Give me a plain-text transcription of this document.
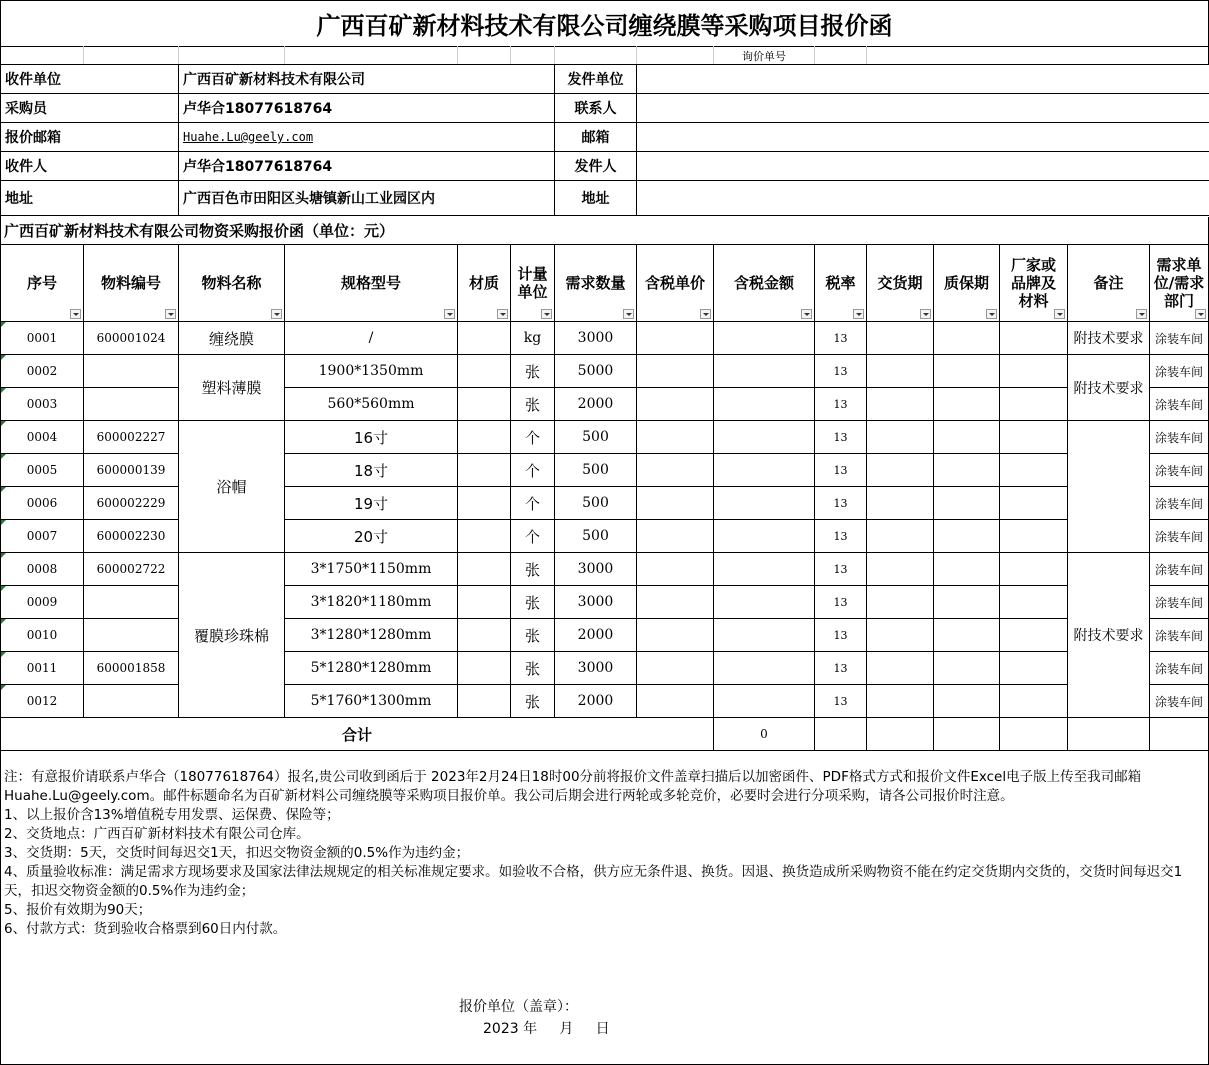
广西百矿新材料技术有限公司缠绕膜等采购项目报价函
询价单号
收件单位	广西百矿新材料技术有限公司	发件单位
采购员	卢华合18077618764	联系人
报价邮箱	Huahe.Lu@geely.com	邮箱
收件人	卢华合18077618764	发件人
地址	广西百色市田阳区头塘镇新山工业园区内	地址
广西百矿新材料技术有限公司物资采购报价函（单位：元）
序号	物料编号	物料名称	规格型号	材质	计量单位	需求数量	含税单价	含税金额	税率	交货期	质保期	厂家或品牌及材料	备注	需求单位/需求部门

0001	600001024	缠绕膜	/		kg	3000			13				附技术要求	涂装车间

0002		塑料薄膜	1900*1350mm		张	5000			13				附技术要求	涂装车间

0003			560*560mm		张	2000			13					涂装车间

0004	600002227	浴帽	16寸		个	500			13					涂装车间

0005	600000139		18寸		个	500			13					涂装车间

0006	600002229		19寸		个	500			13					涂装车间

0007	600002230		20寸		个	500			13					涂装车间

0008	600002722	覆膜珍珠棉	3*1750*1150mm		张	3000			13				附技术要求	涂装车间

0009			3*1820*1180mm		张	3000			13					涂装车间

0010			3*1280*1280mm		张	2000			13					涂装车间

0011	600001858		5*1280*1280mm		张	3000			13					涂装车间

0012			5*1760*1300mm		张	2000			13					涂装车间
合计								0						

注：有意报价请联系卢华合（18077618764）报名,贵公司收到函后于 2023年2月24日18时00分前将报价文件盖章扫描后以加密函件、PDF格式方式和报价文件Excel电子版上传至我司邮箱Huahe.Lu@geely.com。邮件标题命名为百矿新材料公司缠绕膜等采购项目报价单。我公司后期会进行两轮或多轮竞价，必要时会进行分项采购，请各公司报价时注意。

1、以上报价含13%增值税专用发票、运保费、保险等；

2、交货地点：广西百矿新材料技术有限公司仓库。

3、交货期：5天，交货时间每迟交1天，扣迟交物资金额的0.5%作为违约金；

4、质量验收标准：满足需求方现场要求及国家法律法规规定的相关标准规定要求。如验收不合格，供方应无条件退、换货。因退、换货造成所采购物资不能在约定交货期内交货的，交货时间每迟交1天，扣迟交物资金额的0.5%作为违约金；

5、报价有效期为90天；

6、付款方式：货到验收合格票到60日内付款。

报价单位（盖章）：
2023 年     月     日
